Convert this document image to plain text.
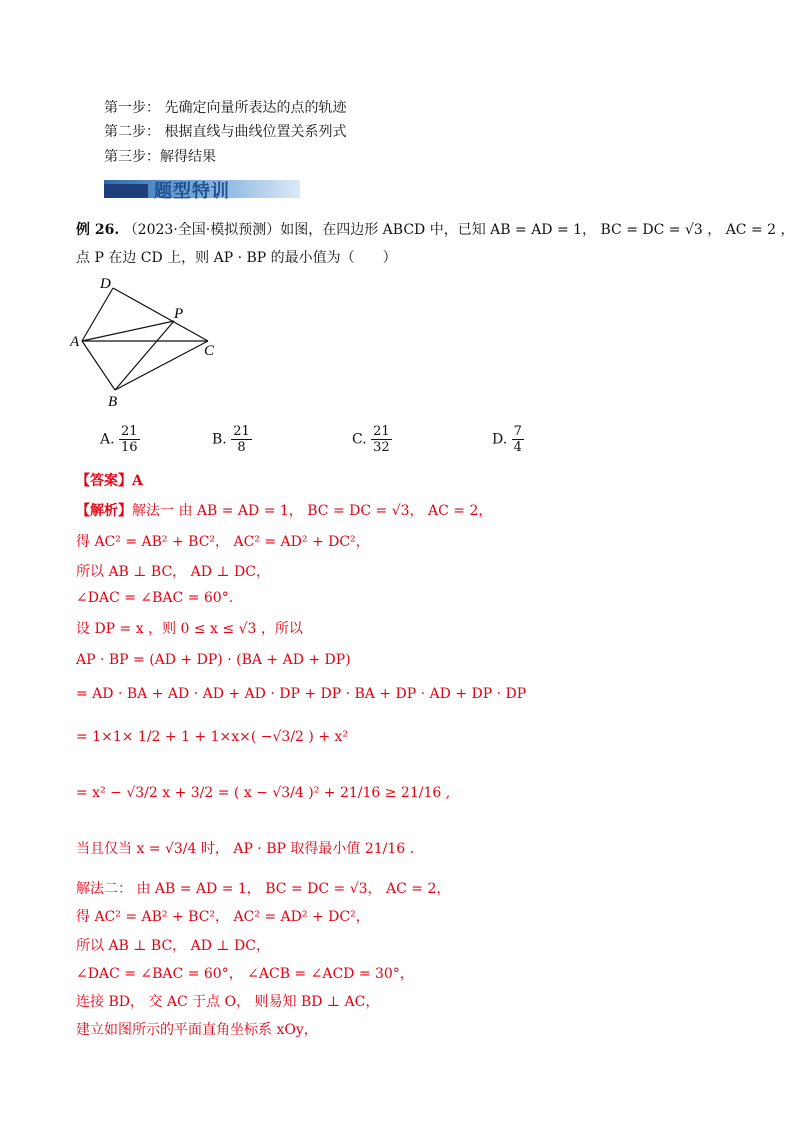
第一步： 先确定向量所表达的点的轨迹
第二步： 根据直线与曲线位置关系列式
第三步：解得结果
题型特训
例 26. （2023·全国·模拟预测）如图，在四边形 ABCD 中，已知 AB = AD = 1， BC = DC = √3 ， AC = 2 ，
点 P 在边 CD 上，则 AP · BP 的最小值为（　　）
D
P
A
C
B
A. $\frac{21}{16}$	B. $\frac{21}{8}$	C. $\frac{21}{32}$	D. $\frac{7}{4}$
【答案】A
【解析】解法一 由 AB = AD = 1， BC = DC = √3， AC = 2，
得 AC² = AB² + BC²， AC² = AD² + DC²，
所以 AB ⊥ BC， AD ⊥ DC，
∠DAC = ∠BAC = 60°.
设 DP = x ，则 0 ≤ x ≤ √3 ，所以
AP · BP = (AD + DP) · (BA + AD + DP)
= AD · BA + AD · AD + AD · DP + DP · BA + DP · AD + DP · DP
= 1×1× 1/2 + 1 + 1×x×( −√3/2 ) + x²
= x² − √3/2 x + 3/2 = ( x − √3/4 )² + 21/16 ≥ 21/16 ,
当且仅当 x = √3/4 时， AP · BP 取得最小值 21/16 .
解法二： 由 AB = AD = 1， BC = DC = √3， AC = 2，
得 AC² = AB² + BC²， AC² = AD² + DC²，
所以 AB ⊥ BC， AD ⊥ DC，
∠DAC = ∠BAC = 60°， ∠ACB = ∠ACD = 30°，
连接 BD， 交 AC 于点 O， 则易知 BD ⊥ AC，
建立如图所示的平面直角坐标系 xOy，
